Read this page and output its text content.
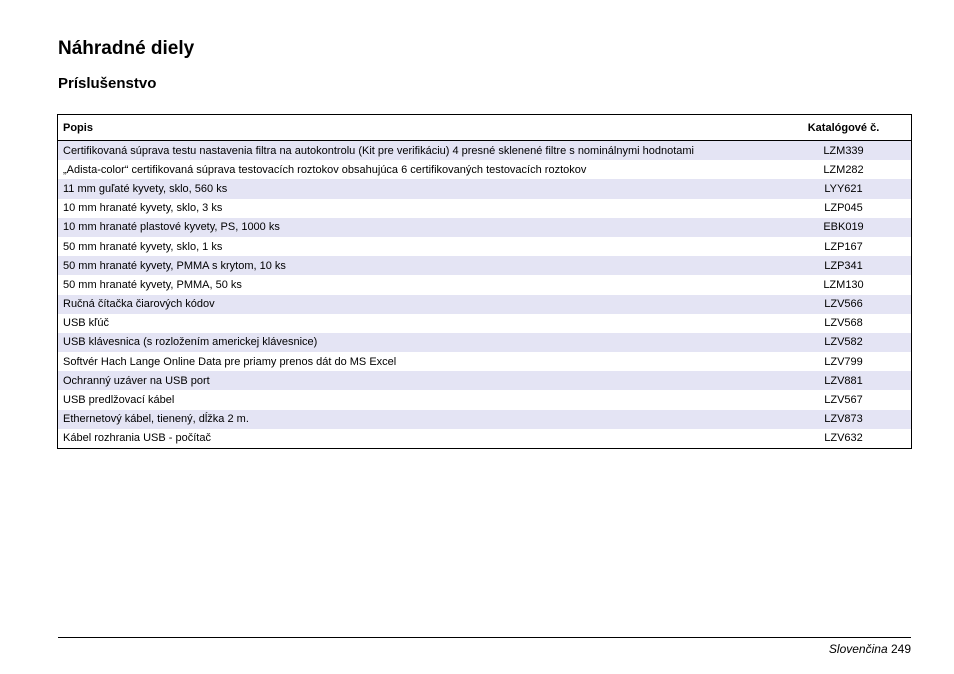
Náhradné diely
Príslušenstvo
Popis	Katalógové č.
Certifikovaná súprava testu nastavenia filtra na autokontrolu (Kit pre verifikáciu) 4 presné sklenené filtre s nominálnymi hodnotami	LZM339
„Adista-color“ certifikovaná súprava testovacích roztokov obsahujúca 6 certifikovaných testovacích roztokov	LZM282
11 mm guľaté kyvety, sklo, 560 ks	LYY621
10 mm hranaté kyvety, sklo, 3 ks	LZP045
10 mm hranaté plastové kyvety, PS, 1000 ks	EBK019
50 mm hranaté kyvety, sklo, 1 ks	LZP167
50 mm hranaté kyvety, PMMA s krytom, 10 ks	LZP341
50 mm hranaté kyvety, PMMA, 50 ks	LZM130
Ručná čítačka čiarových kódov	LZV566
USB kľúč	LZV568
USB klávesnica (s rozložením americkej klávesnice)	LZV582
Softvér Hach Lange Online Data pre priamy prenos dát do MS Excel	LZV799
Ochranný uzáver na USB port	LZV881
USB predlžovací kábel	LZV567
Ethernetový kábel, tienený, dĺžka 2 m.	LZV873
Kábel rozhrania USB - počítač	LZV632
Slovenčina 249
